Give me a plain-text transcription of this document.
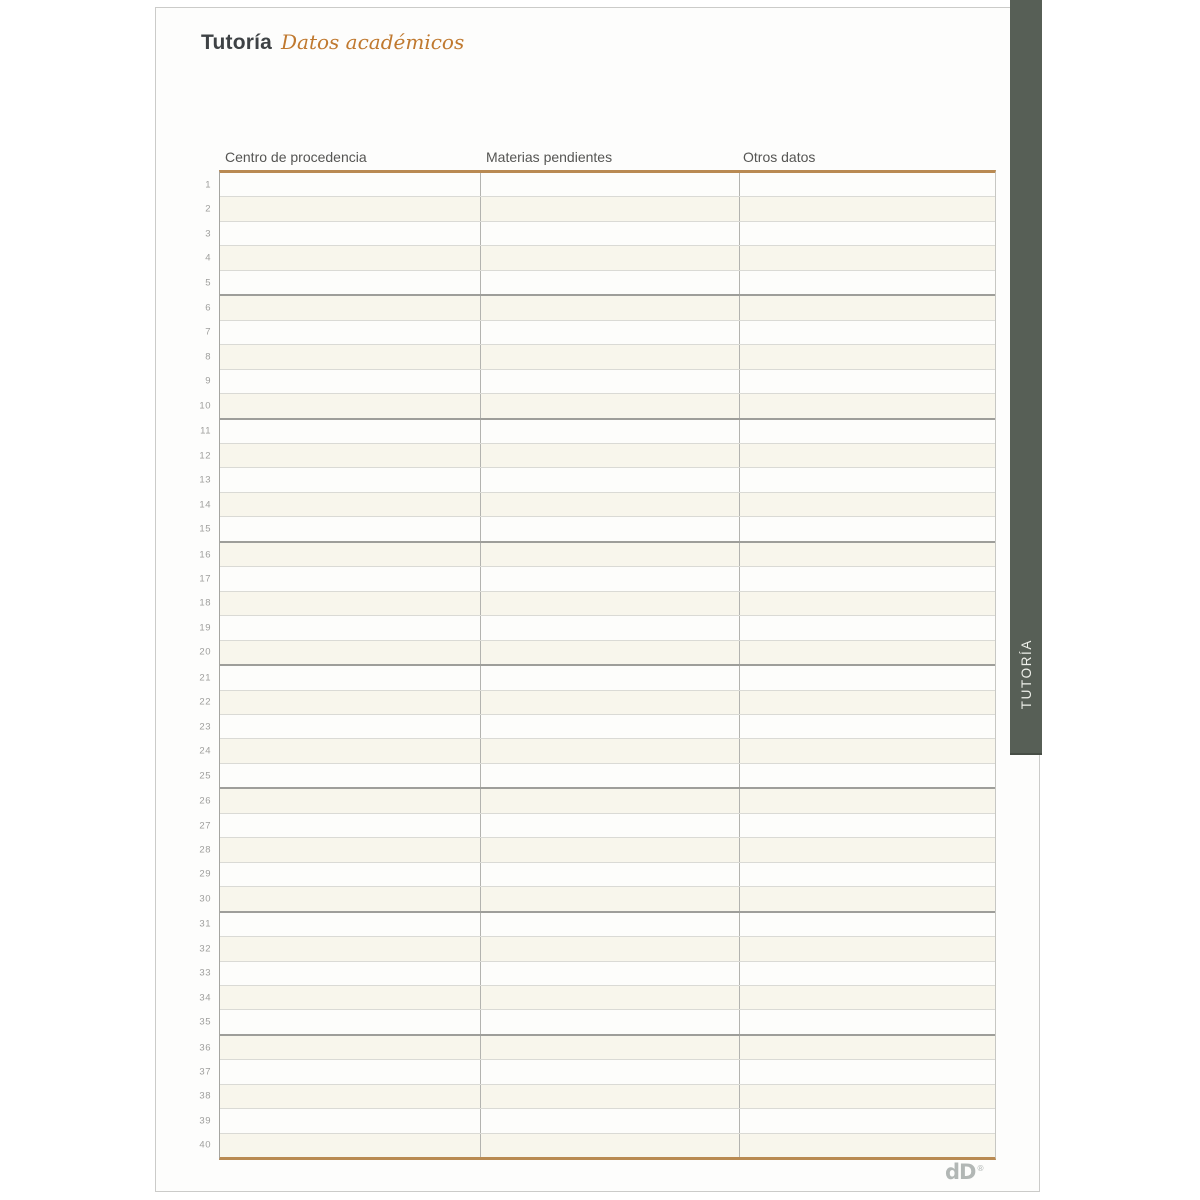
Tutoría Datos académicos
Centro de procedencia	Materias pendientes	Otros datos
1
2
3
4
5
6
7
8
9
10
11
12
13
14
15
16
17
18
19
20
21
22
23
24
25
26
27
28
29
30
31
32
33
34
35
36
37
38
39
40
dD®
TUTORÍA
